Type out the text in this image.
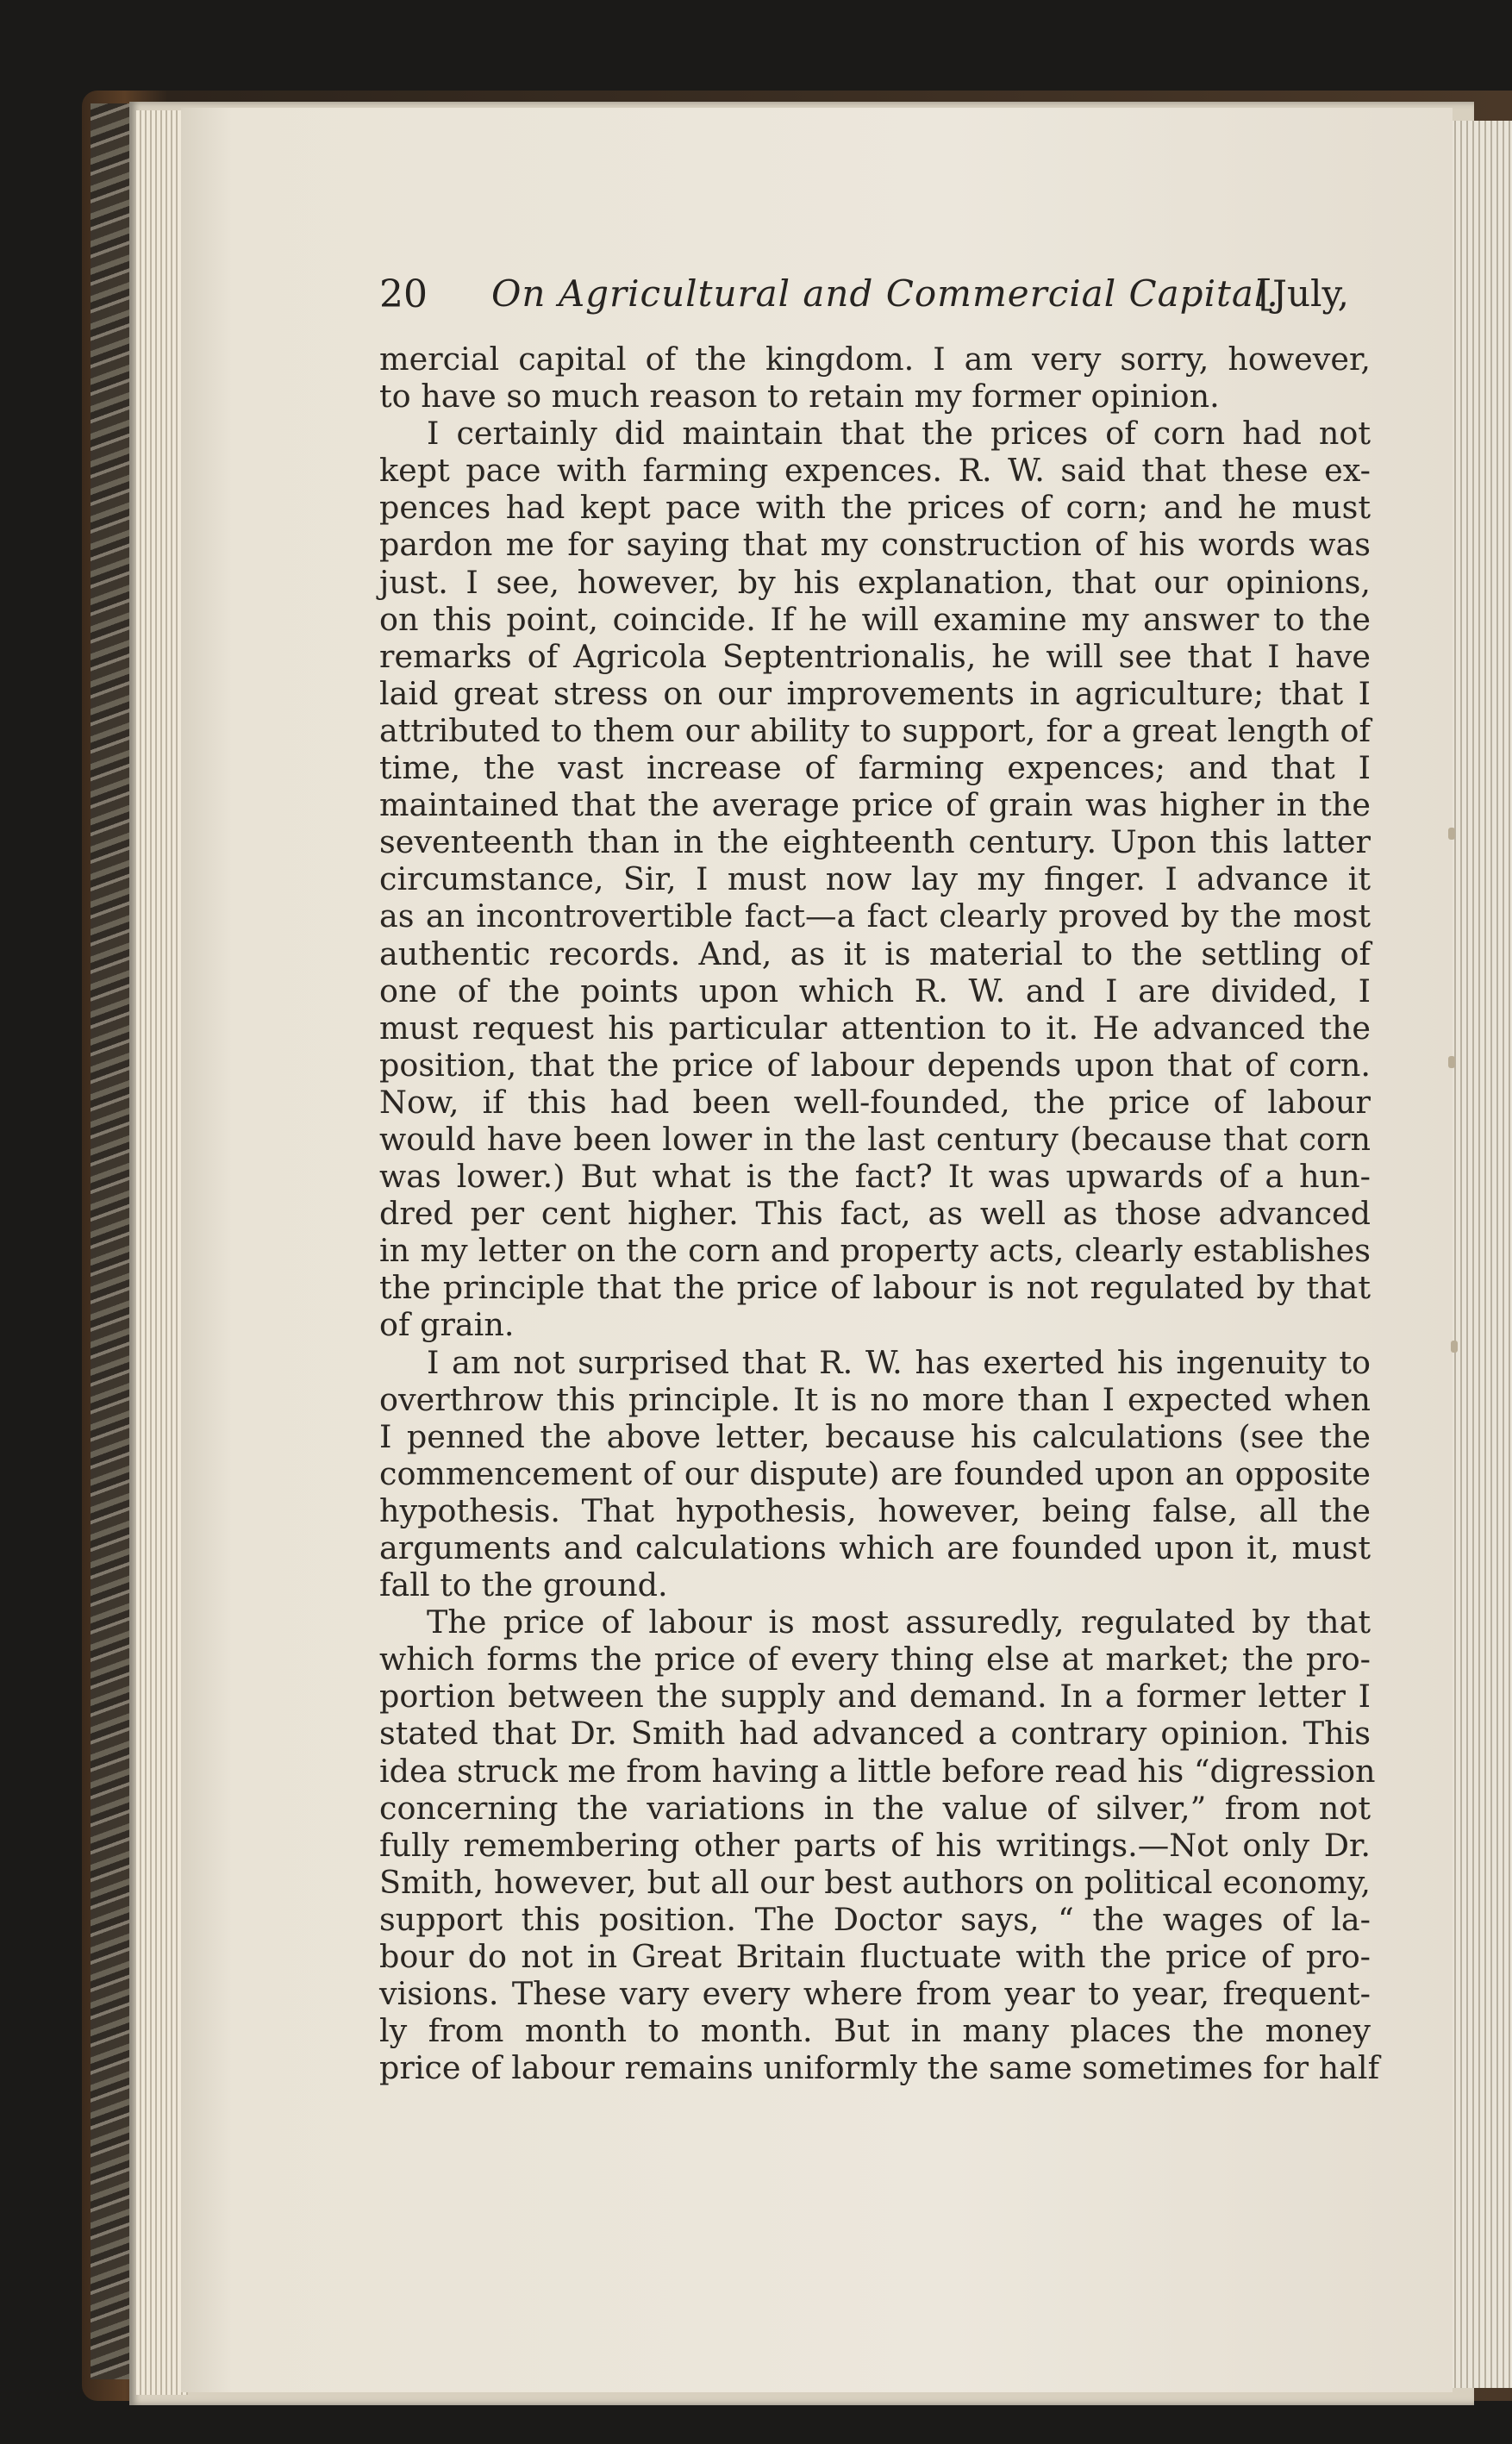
20 On Agricultural and Commercial Capital.
[July,
mercial capital of the kingdom. I am very sorry, however,
to have so much reason to retain my former opinion.
I certainly did maintain that the prices of corn had not
kept pace with farming expences. R. W. said that these ex-
pences had kept pace with the prices of corn; and he must
pardon me for saying that my construction of his words was
just. I see, however, by his explanation, that our opinions,
on this point, coincide. If he will examine my answer to the
remarks of Agricola Septentrionalis, he will see that I have
laid great stress on our improvements in agriculture; that I
attributed to them our ability to support, for a great length of
time, the vast increase of farming expences; and that I
maintained that the average price of grain was higher in the
seventeenth than in the eighteenth century. Upon this latter
circumstance, Sir, I must now lay my finger. I advance it
as an incontrovertible fact—a fact clearly proved by the most
authentic records. And, as it is material to the settling of
one of the points upon which R. W. and I are divided, I
must request his particular attention to it. He advanced the
position, that the price of labour depends upon that of corn.
Now, if this had been well-founded, the price of labour
would have been lower in the last century (because that corn
was lower.) But what is the fact? It was upwards of a hun-
dred per cent higher. This fact, as well as those advanced
in my letter on the corn and property acts, clearly establishes
the principle that the price of labour is not regulated by that
of grain.
I am not surprised that R. W. has exerted his ingenuity to
overthrow this principle. It is no more than I expected when
I penned the above letter, because his calculations (see the
commencement of our dispute) are founded upon an opposite
hypothesis. That hypothesis, however, being false, all the
arguments and calculations which are founded upon it, must
fall to the ground.
The price of labour is most assuredly, regulated by that
which forms the price of every thing else at market; the pro-
portion between the supply and demand. In a former letter I
stated that Dr. Smith had advanced a contrary opinion. This
idea struck me from having a little before read his “digression
concerning the variations in the value of silver,” from not
fully remembering other parts of his writings.—Not only Dr.
Smith, however, but all our best authors on political economy,
support this position. The Doctor says, “ the wages of la-
bour do not in Great Britain fluctuate with the price of pro-
visions. These vary every where from year to year, frequent-
ly from month to month. But in many places the money
price of labour remains uniformly the same sometimes for half
